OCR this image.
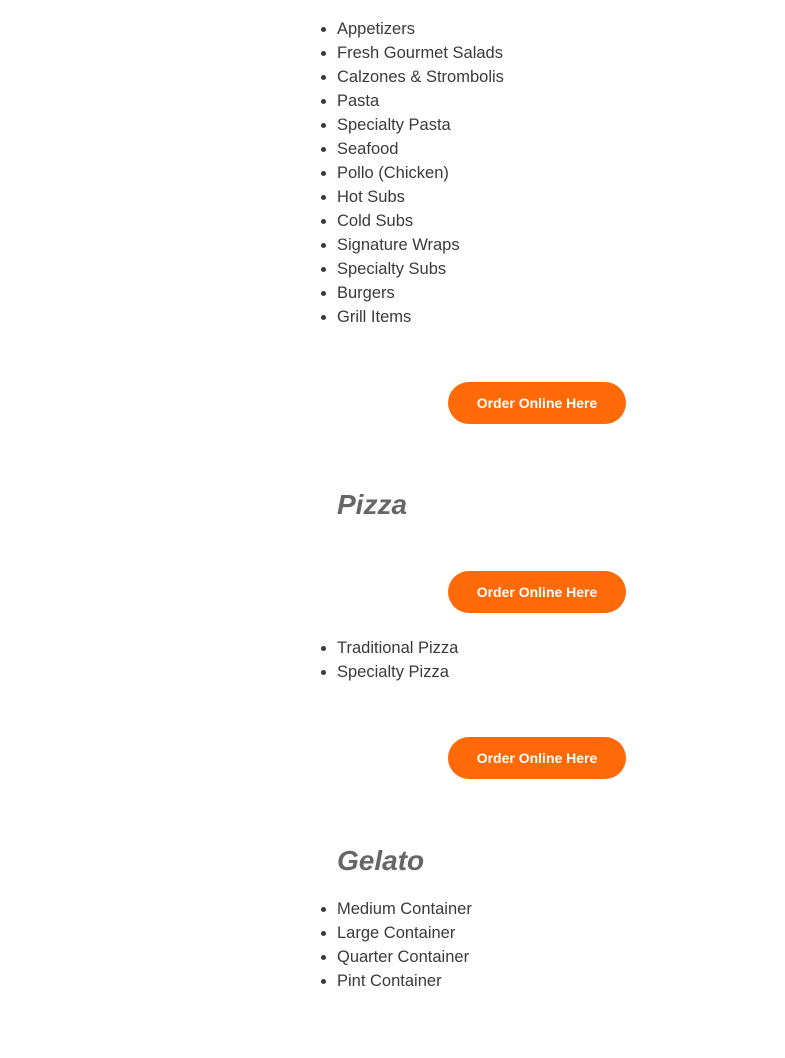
• Appetizers
• Fresh Gourmet Salads
• Calzones & Strombolis
• Pasta
• Specialty Pasta
• Seafood
• Pollo (Chicken)
• Hot Subs
• Cold Subs
• Signature Wraps
• Specialty Subs
• Burgers
• Grill Items
Order Online Here
Pizza
Order Online Here
• Traditional Pizza
• Specialty Pizza
Order Online Here
Gelato
• Medium Container
• Large Container
• Quarter Container
• Pint Container
